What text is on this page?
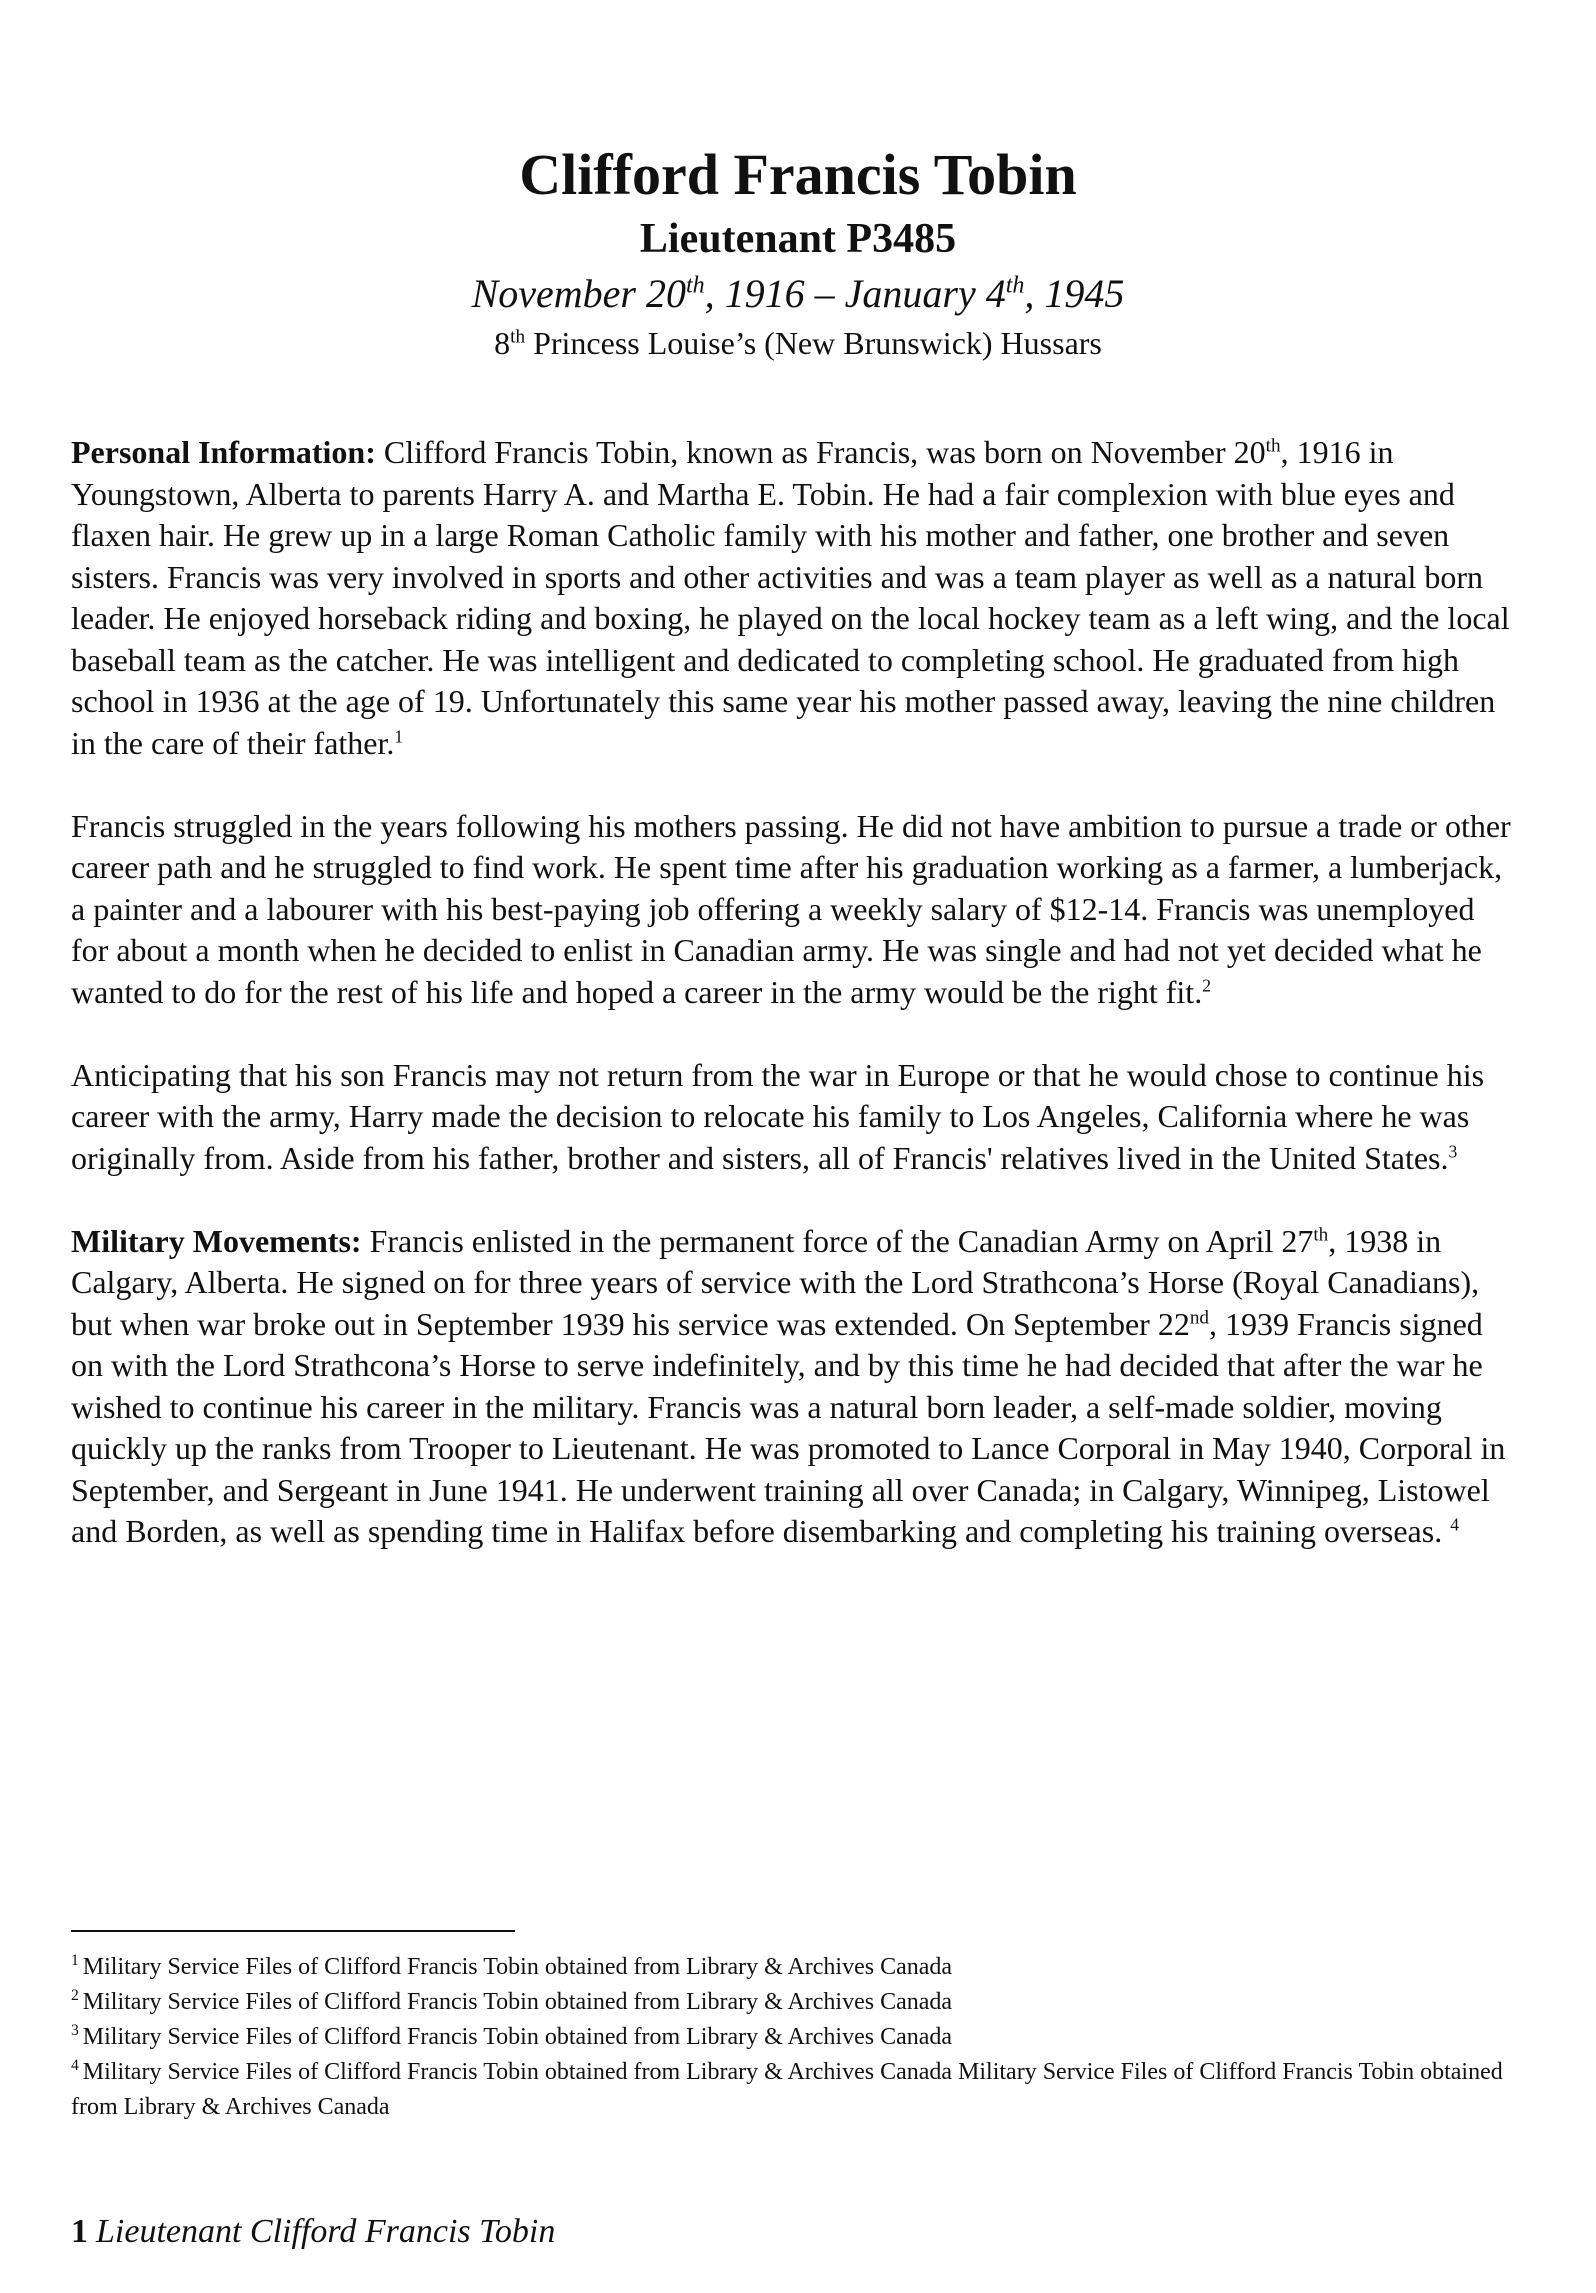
Clifford Francis Tobin
Lieutenant P3485
November 20th, 1916 – January 4th, 1945
8th Princess Louise’s (New Brunswick) Hussars

Personal Information: Clifford Francis Tobin, known as Francis, was born on November 20th, 1916 in Youngstown, Alberta to parents Harry A. and Martha E. Tobin. He had a fair complexion with blue eyes and flaxen hair. He grew up in a large Roman Catholic family with his mother and father, one brother and seven sisters. Francis was very involved in sports and other activities and was a team player as well as a natural born leader. He enjoyed horseback riding and boxing, he played on the local hockey team as a left wing, and the local baseball team as the catcher. He was intelligent and dedicated to completing school. He graduated from high school in 1936 at the age of 19. Unfortunately this same year his mother passed away, leaving the nine children in the care of their father.$^1$

Francis struggled in the years following his mothers passing. He did not have ambition to pursue a trade or other career path and he struggled to find work. He spent time after his graduation working as a farmer, a lumberjack, a painter and a labourer with his best-paying job offering a weekly salary of $12-14. Francis was unemployed for about a month when he decided to enlist in Canadian army. He was single and had not yet decided what he wanted to do for the rest of his life and hoped a career in the army would be the right fit.$^2$

Anticipating that his son Francis may not return from the war in Europe or that he would chose to continue his career with the army, Harry made the decision to relocate his family to Los Angeles, California where he was originally from. Aside from his father, brother and sisters, all of Francis' relatives lived in the United States.$^3$

Military Movements: Francis enlisted in the permanent force of the Canadian Army on April 27th, 1938 in Calgary, Alberta. He signed on for three years of service with the Lord Strathcona’s Horse (Royal Canadians), but when war broke out in September 1939 his service was extended. On September 22nd, 1939 Francis signed on with the Lord Strathcona’s Horse to serve indefinitely, and by this time he had decided that after the war he wished to continue his career in the military. Francis was a natural born leader, a self-made soldier, moving quickly up the ranks from Trooper to Lieutenant. He was promoted to Lance Corporal in May 1940, Corporal in September, and Sergeant in June 1941. He underwent training all over Canada; in Calgary, Winnipeg, Listowel and Borden, as well as spending time in Halifax before disembarking and completing his training overseas. $^4$

$^1$ Military Service Files of Clifford Francis Tobin obtained from Library & Archives Canada

$^2$ Military Service Files of Clifford Francis Tobin obtained from Library & Archives Canada

$^3$ Military Service Files of Clifford Francis Tobin obtained from Library & Archives Canada

$^4$ Military Service Files of Clifford Francis Tobin obtained from Library & Archives Canada Military Service Files of Clifford Francis Tobin obtained from Library & Archives Canada

1 Lieutenant Clifford Francis Tobin
